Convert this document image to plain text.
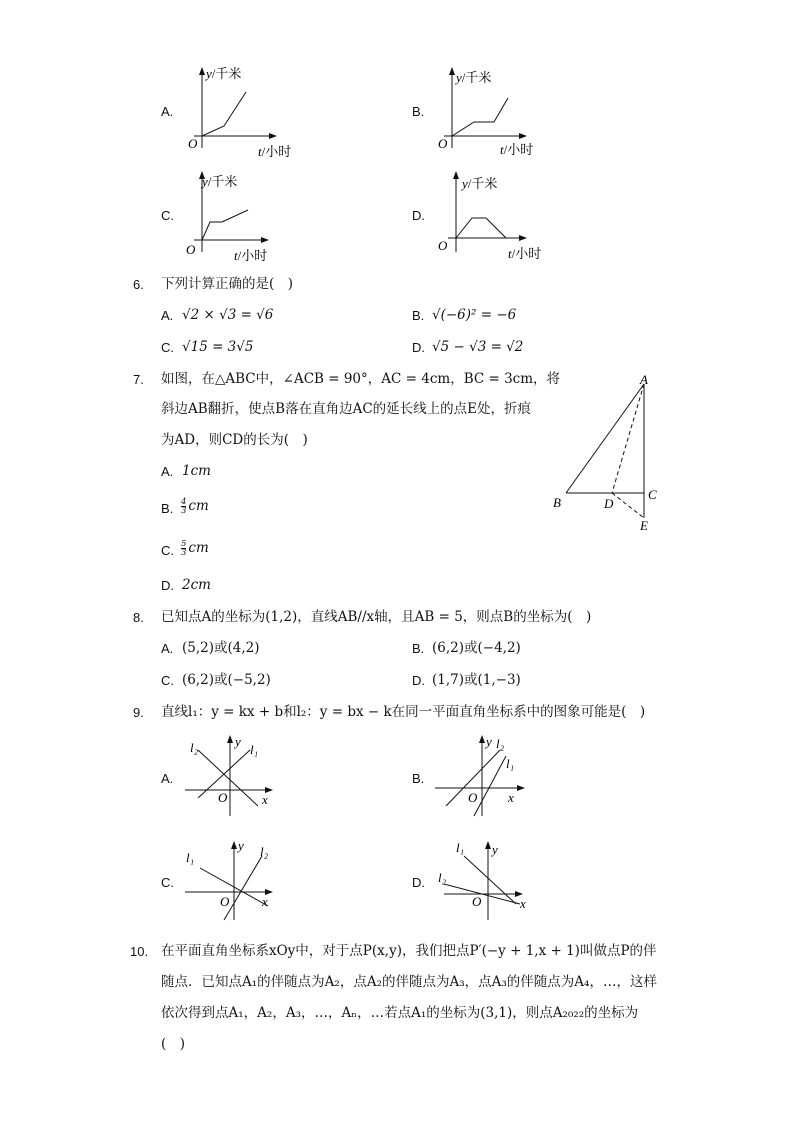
A.
O
y/千米
t/小时
B.
O
y/千米
t/小时
C.
O
y/千米
t/小时
D.
O
y/千米
t/小时
6. 下列计算正确的是(　)
A. √2 × √3 = √6	B. √(−6)² = −6
C. √15 = 3√5	D. √5 − √3 = √2
7. 如图，在△ABC中，∠ACB = 90°，AC = 4cm，BC = 3cm，将
斜边AB翻折，使点B落在直角边AC的延长线上的点E处，折痕
为AD，则CD的长为(　)
A. 1cm
B. $\frac{4}{3}$ cm
C. $\frac{5}{3}$ cm
D. 2cm
A
B
C
D
E
8. 已知点A的坐标为(1,2)，直线AB//x轴，且AB = 5，则点B的坐标为(　)
A. (5,2)或(4,2)	B. (6,2)或(−4,2)
C. (6,2)或(−5,2)	D. (1,7)或(1,−3)
9. 直线l₁：y = kx + b和l₂：y = bx − k在同一平面直角坐标系中的图象可能是(　)
A.
O	x
y
l₂	l₁
B.
O x
y l₂
l₁
C.
O	x
y
l₁	l₂
D.
O	x
y
l₁
l₂
10. 在平面直角坐标系xOy中，对于点P(x,y)，我们把点P′(−y + 1,x + 1)叫做点P的伴
随点．已知点A₁的伴随点为A₂，点A₂的伴随点为A₃，点A₃的伴随点为A₄，…，这样
依次得到点A₁，A₂，A₃，…，Aₙ，…若点A₁的坐标为(3,1)，则点A₂₀₂₂的坐标为
(　)
